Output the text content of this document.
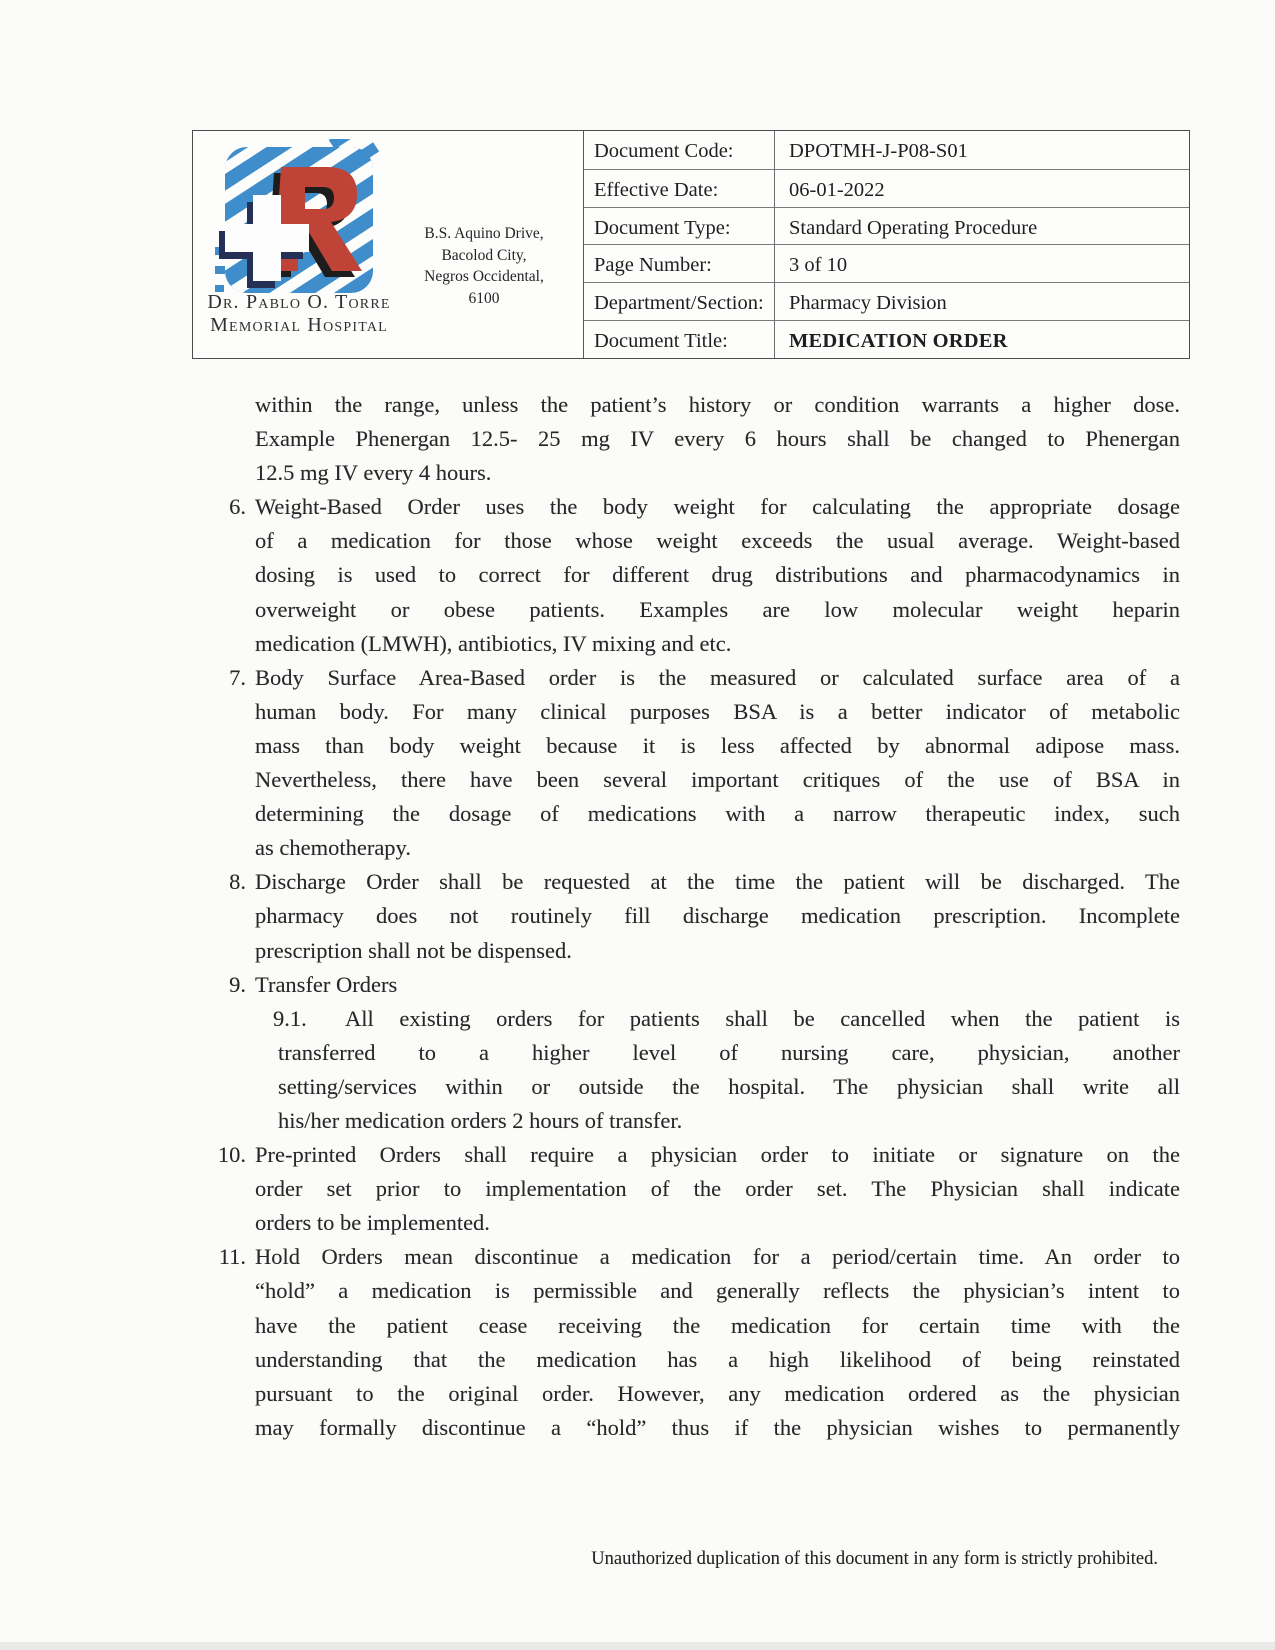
Dr. Pablo O. Torre
Memorial Hospital
B.S. Aquino Drive,
Bacolod City,
Negros Occidental,
6100
Document Code:	DPOTMH-J-P08-S01
Effective Date:	06-01-2022
Document Type:	Standard Operating Procedure
Page Number:	3 of 10
Department/Section:	Pharmacy Division
Document Title:	MEDICATION ORDER
within the range, unless the patient’s history or condition warrants a higher dose.
Example Phenergan 12.5- 25 mg IV every 6 hours shall be changed to Phenergan
12.5 mg IV every 4 hours.
6. Weight-Based Order uses the body weight for calculating the appropriate dosage
of a medication for those whose weight exceeds the usual average. Weight-based
dosing is used to correct for different drug distributions and pharmacodynamics in
overweight or obese patients. Examples are low molecular weight heparin
medication (LMWH), antibiotics, IV mixing and etc.
7. Body Surface Area-Based order is the measured or calculated surface area of a
human body. For many clinical purposes BSA is a better indicator of metabolic
mass than body weight because it is less affected by abnormal adipose mass.
Nevertheless, there have been several important critiques of the use of BSA in
determining the dosage of medications with a narrow therapeutic index, such
as chemotherapy.
8. Discharge Order shall be requested at the time the patient will be discharged. The
pharmacy does not routinely fill discharge medication prescription. Incomplete
prescription shall not be dispensed.
9. Transfer Orders
9.1.	All existing orders for patients shall be cancelled when the patient is
transferred to a higher level of nursing care, physician, another
setting/services within or outside the hospital. The physician shall write all
his/her medication orders 2 hours of transfer.
10. Pre-printed Orders shall require a physician order to initiate or signature on the
order set prior to implementation of the order set. The Physician shall indicate
orders to be implemented.
11. Hold Orders mean discontinue a medication for a period/certain time. An order to
“hold” a medication is permissible and generally reflects the physician’s intent to
have the patient cease receiving the medication for certain time with the
understanding that the medication has a high likelihood of being reinstated
pursuant to the original order. However, any medication ordered as the physician
may formally discontinue a “hold” thus if the physician wishes to permanently
Unauthorized duplication of this document in any form is strictly prohibited.
